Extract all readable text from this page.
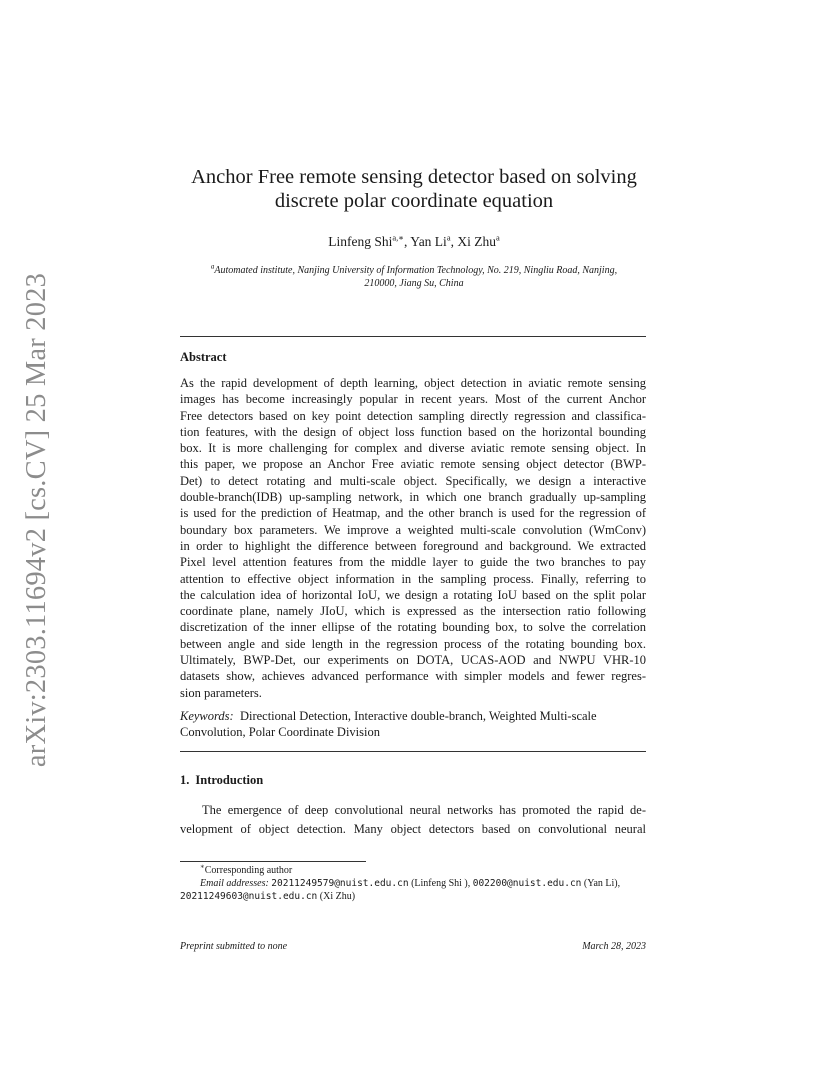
arXiv:2303.11694v2 [cs.CV] 25 Mar 2023
Anchor Free remote sensing detector based on solving
discrete polar coordinate equation
Linfeng Shi$^{a,∗}$, Yan Li$^a$, Xi Zhu$^a$
$^a$Automated institute, Nanjing University of Information Technology, No. 219, Ningliu Road, Nanjing,
210000, Jiang Su, China
Abstract
As the rapid development of depth learning, object detection in aviatic remote sensing
images has become increasingly popular in recent years. Most of the current Anchor
Free detectors based on key point detection sampling directly regression and classifica-
tion features, with the design of object loss function based on the horizontal bounding
box. It is more challenging for complex and diverse aviatic remote sensing object. In
this paper, we propose an Anchor Free aviatic remote sensing object detector (BWP-
Det) to detect rotating and multi-scale object. Specifically, we design a interactive
double-branch(IDB) up-sampling network, in which one branch gradually up-sampling
is used for the prediction of Heatmap, and the other branch is used for the regression of
boundary box parameters. We improve a weighted multi-scale convolution (WmConv)
in order to highlight the difference between foreground and background. We extracted
Pixel level attention features from the middle layer to guide the two branches to pay
attention to effective object information in the sampling process. Finally, referring to
the calculation idea of horizontal IoU, we design a rotating IoU based on the split polar
coordinate plane, namely JIoU, which is expressed as the intersection ratio following
discretization of the inner ellipse of the rotating bounding box, to solve the correlation
between angle and side length in the regression process of the rotating bounding box.
Ultimately, BWP-Det, our experiments on DOTA, UCAS-AOD and NWPU VHR-10
datasets show, achieves advanced performance with simpler models and fewer regres-
sion parameters.
Keywords: Directional Detection, Interactive double-branch, Weighted Multi-scale
Convolution, Polar Coordinate Division
1. Introduction
The emergence of deep convolutional neural networks has promoted the rapid de-
velopment of object detection. Many object detectors based on convolutional neural
∗Corresponding author
Email addresses: 20211249579@nuist.edu.cn (Linfeng Shi ), 002200@nuist.edu.cn (Yan Li),
20211249603@nuist.edu.cn (Xi Zhu)
Preprint submitted to none	March 28, 2023
